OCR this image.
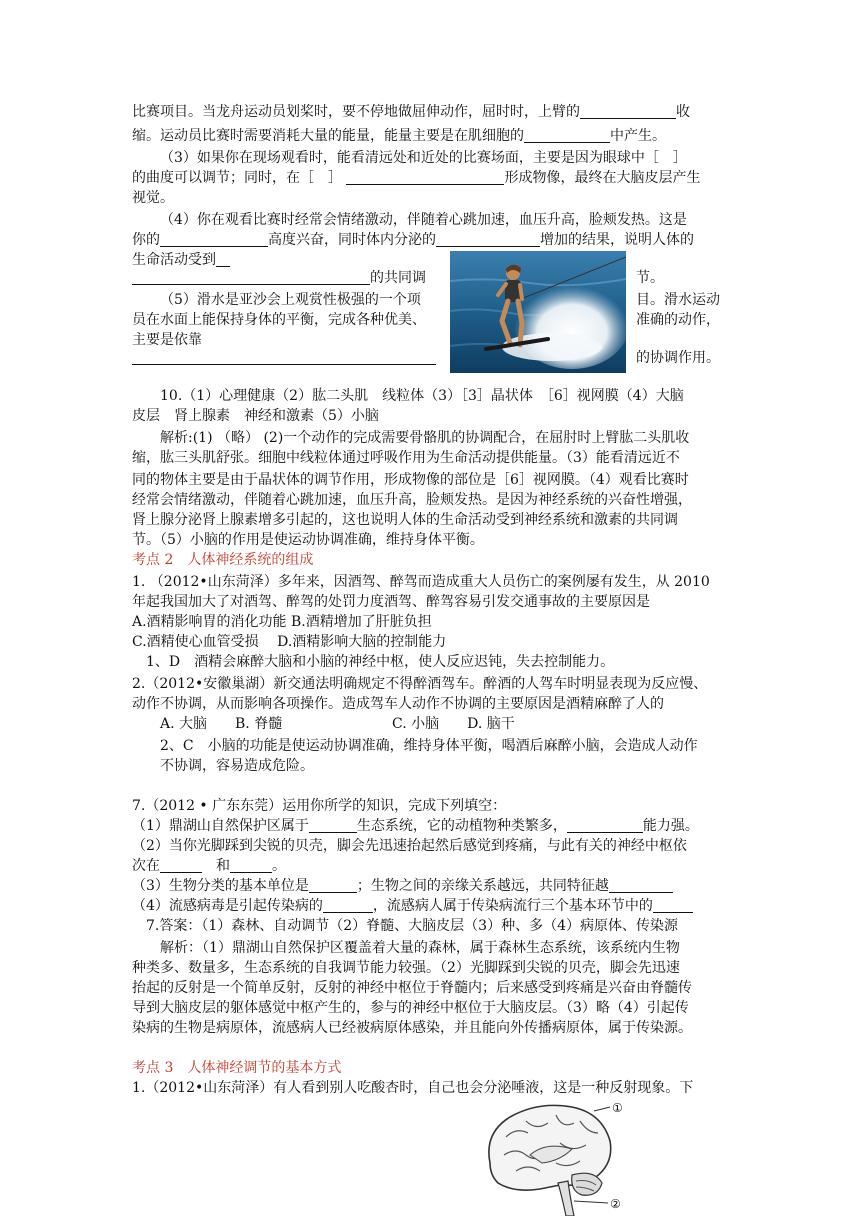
比赛项目。当龙舟运动员划桨时，要不停地做屈伸动作，屈时时，上臂的	收
缩。运动员比赛时需要消耗大量的能量，能量主要是在肌细胞的	中产生。
（3）如果你在现场观看时，能看清远处和近处的比赛场面，主要是因为眼球中［　］
的曲度可以调节；同时，在［　］	形成物像，最终在大脑皮层产生
视觉。
（4）你在观看比赛时经常会情绪激动，伴随着心跳加速，血压升高，脸颊发热。这是
你的	高度兴奋，同时体内分泌的	增加的结果，说明人体的
生命活动受到
的共同调	节。
（5）滑水是亚沙会上观赏性极强的一个项	目。滑水运动
员在水面上能保持身体的平衡，完成各种优美、	准确的动作，
主要是依靠
的协调作用。
10.（1）心理健康（2）肱二头肌　线粒体（3）［3］晶状体　［6］视网膜（4）大脑
皮层　肾上腺素　神经和激素（5）小脑
解析:(1) （略） (2)一个动作的完成需要骨骼肌的协调配合，在屈肘时上臂肱二头肌收
缩，肱三头肌舒张。细胞中线粒体通过呼吸作用为生命活动提供能量。（3）能看清远近不
同的物体主要是由于晶状体的调节作用，形成物像的部位是［6］视网膜。（4）观看比赛时
经常会情绪激动，伴随着心跳加速，血压升高，脸颊发热。是因为神经系统的兴奋性增强，
肾上腺分泌肾上腺素增多引起的，这也说明人体的生命活动受到神经系统和激素的共同调
节。（5）小脑的作用是使运动协调准确，维持身体平衡。
考点 2　人体神经系统的组成
1. （2012•山东菏泽）多年来，因酒驾、醉驾而造成重大人员伤亡的案例屡有发生，从 2010
年起我国加大了对酒驾、醉驾的处罚力度酒驾、醉驾容易引发交通事故的主要原因是
A.酒精影响胃的消化功能 B.酒精增加了肝脏负担
C.酒精使心血管受损　 D.酒精影响大脑的控制能力
1、D　酒精会麻醉大脑和小脑的神经中枢，使人反应迟钝，失去控制能力。
2.（2012•安徽巢湖）新交通法明确规定不得醉酒驾车。醉酒的人驾车时明显表现为反应慢、
动作不协调，从而影响各项操作。造成驾车人动作不协调的主要原因是酒精麻醉了人的
A. 大脑　　B. 脊髓	C. 小脑　　D. 脑干
2、C　小脑的功能是使运动协调准确，维持身体平衡，喝酒后麻醉小脑，会造成人动作
不协调，容易造成危险。
7.（2012 • 广东东莞）运用你所学的知识，完成下列填空：
（1）鼎湖山自然保护区属于	生态系统，它的动植物种类繁多，	能力强。
（2）当你光脚踩到尖锐的贝壳，脚会先迅速抬起然后感觉到疼痛，与此有关的神经中枢依
次在　	和	。
（3）生物分类的基本单位是	；生物之间的亲缘关系越远，共同特征越
（4）流感病毒是引起传染病的	，流感病人属于传染病流行三个基本环节中的
7.答案：（1）森林、自动调节（2）脊髓、大脑皮层（3）种、多（4）病原体、传染源
解析：（1）鼎湖山自然保护区覆盖着大量的森林，属于森林生态系统，该系统内生物
种类多、数量多，生态系统的自我调节能力较强。（2）光脚踩到尖锐的贝壳，脚会先迅速
抬起的反射是一个简单反射，反射的神经中枢位于脊髓内；后来感受到疼痛是兴奋由脊髓传
导到大脑皮层的躯体感觉中枢产生的，参与的神经中枢位于大脑皮层。（3）略（4）引起传
染病的生物是病原体，流感病人已经被病原体感染，并且能向外传播病原体，属于传染源。
考点 3　人体神经调节的基本方式
1.（2012•山东菏泽）有人看到别人吃酸杏时，自己也会分泌唾液，这是一种反射现象。下
①
②
